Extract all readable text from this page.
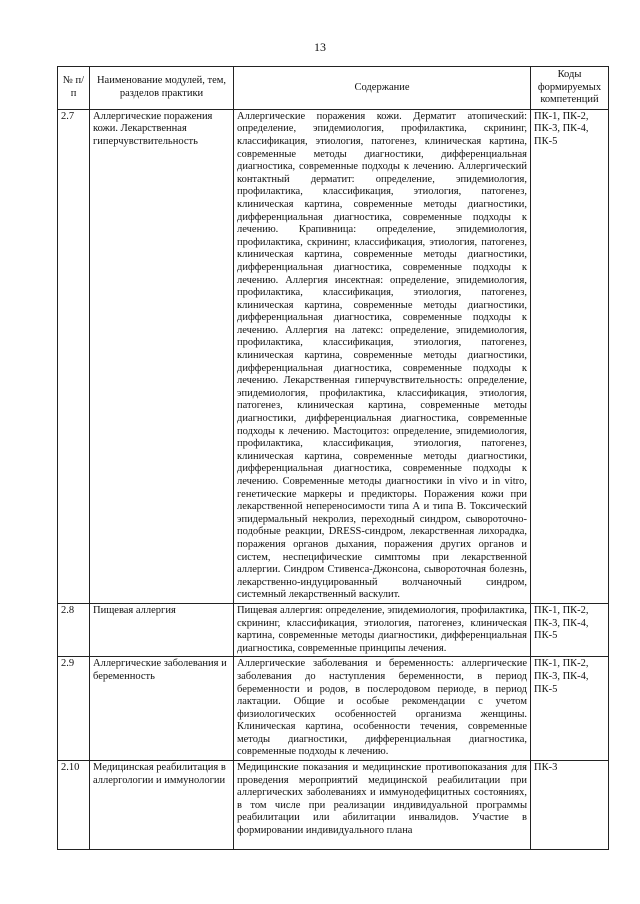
13
№ п/п	Наименование модулей, тем, разделов практики	Содержание	Коды формируемых компетенций
2.7	Аллергические поражения кожи. Лекарственная гиперчувствительность	Аллергические поражения кожи. Дерматит атопический: определение, эпидемиология, профилактика, скрининг, классификация, этиология, патогенез, клиническая картина, современные методы диагностики, дифференциальная диагностика, современные подходы к лечению. Аллергический контактный дерматит: определение, эпидемиология, профилактика, классификация, этиология, патогенез, клиническая картина, современные методы диагностики, дифференциальная диагностика, современные подходы к лечению. Крапивница: определение, эпидемиология, профилактика, скрининг, классификация, этиология, патогенез, клиническая картина, современные методы диагностики, дифференциальная диагностика, современные подходы к лечению. Аллергия инсектная: определение, эпидемиология, профилактика, классификация, этиология, патогенез, клиническая картина, современные методы диагностики, дифференциальная диагностика, современные подходы к лечению. Аллергия на латекс: определение, эпидемиология, профилактика, классификация, этиология, патогенез, клиническая картина, современные методы диагностики, дифференциальная диагностика, современные подходы к лечению. Лекарственная гиперчувствительность: определение, эпидемиология, профилактика, классификация, этиология, патогенез, клиническая картина, современные методы диагностики, дифференциальная диагностика, современные подходы к лечению. Мастоцитоз: определение, эпидемиология, профилактика, классификация, этиология, патогенез, клиническая картина, современные методы диагностики, дифференциальная диагностика, современные подходы к лечению. Современные методы диагностики in vivo и in vitro, генетические маркеры и предикторы. Поражения кожи при лекарственной непереносимости типа А и типа В. Токсический эпидермальный некролиз, переходный синдром, сывороточно-подобные реакции, DRESS-синдром, лекарственная лихорадка, поражения органов дыхания, поражения других органов и систем, неспецифические симптомы при лекарственной аллергии. Синдром Стивенса-Джонсона, сывороточная болезнь, лекарственно-индуцированный волчаночный синдром, системный лекарственный васкулит.	ПК-1, ПК-2, ПК-3, ПК-4, ПК-5
2.8	Пищевая аллергия	Пищевая аллергия: определение, эпидемиология, профилактика, скрининг, классификация, этиология, патогенез, клиническая картина, современные методы диагностики, дифференциальная диагностика, современные принципы лечения.	ПК-1, ПК-2, ПК-3, ПК-4, ПК-5
2.9	Аллергические заболевания и беременность	Аллергические заболевания и беременность: аллергические заболевания до наступления беременности, в период беременности и родов, в послеродовом периоде, в период лактации. Общие и особые рекомендации с учетом физиологических особенностей организма женщины. Клиническая картина, особенности течения, современные методы диагностики, дифференциальная диагностика, современные подходы к лечению.	ПК-1, ПК-2, ПК-3, ПК-4, ПК-5
2.10	Медицинская реабилитация в аллергологии и иммунологии	Медицинские показания и медицинские противопоказания для проведения мероприятий медицинской реабилитации при аллергических заболеваниях и иммунодефицитных состояниях, в том числе при реализации индивидуальной программы реабилитации или абилитации инвалидов. Участие в формировании индивидуального плана	ПК-3
